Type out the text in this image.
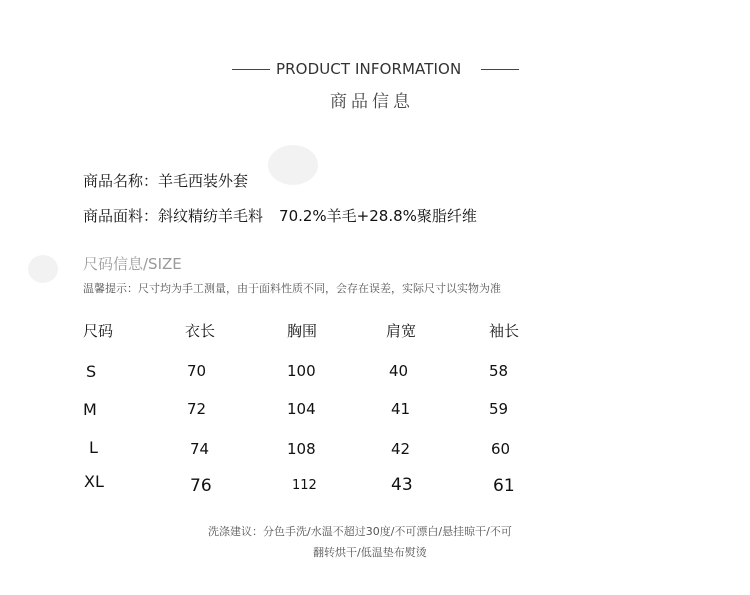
PRODUCT INFORMATION
商品信息
商品名称：羊毛西装外套
商品面料：斜纹精纺羊毛料 70.2%羊毛+28.8%聚脂纤维
尺码信息/SIZE
温馨提示：尺寸均为手工测量，由于面料性质不同，会存在误差，实际尺寸以实物为准
尺码	衣长	胸围	肩宽	袖长
S	70	100	40	58
M	72	104	41	59
L	74	108	42	60
XL	76	112	43	61
洗涤建议：分色手洗/水温不超过30度/不可漂白/悬挂晾干/不可
翻转烘干/低温垫布熨烫
